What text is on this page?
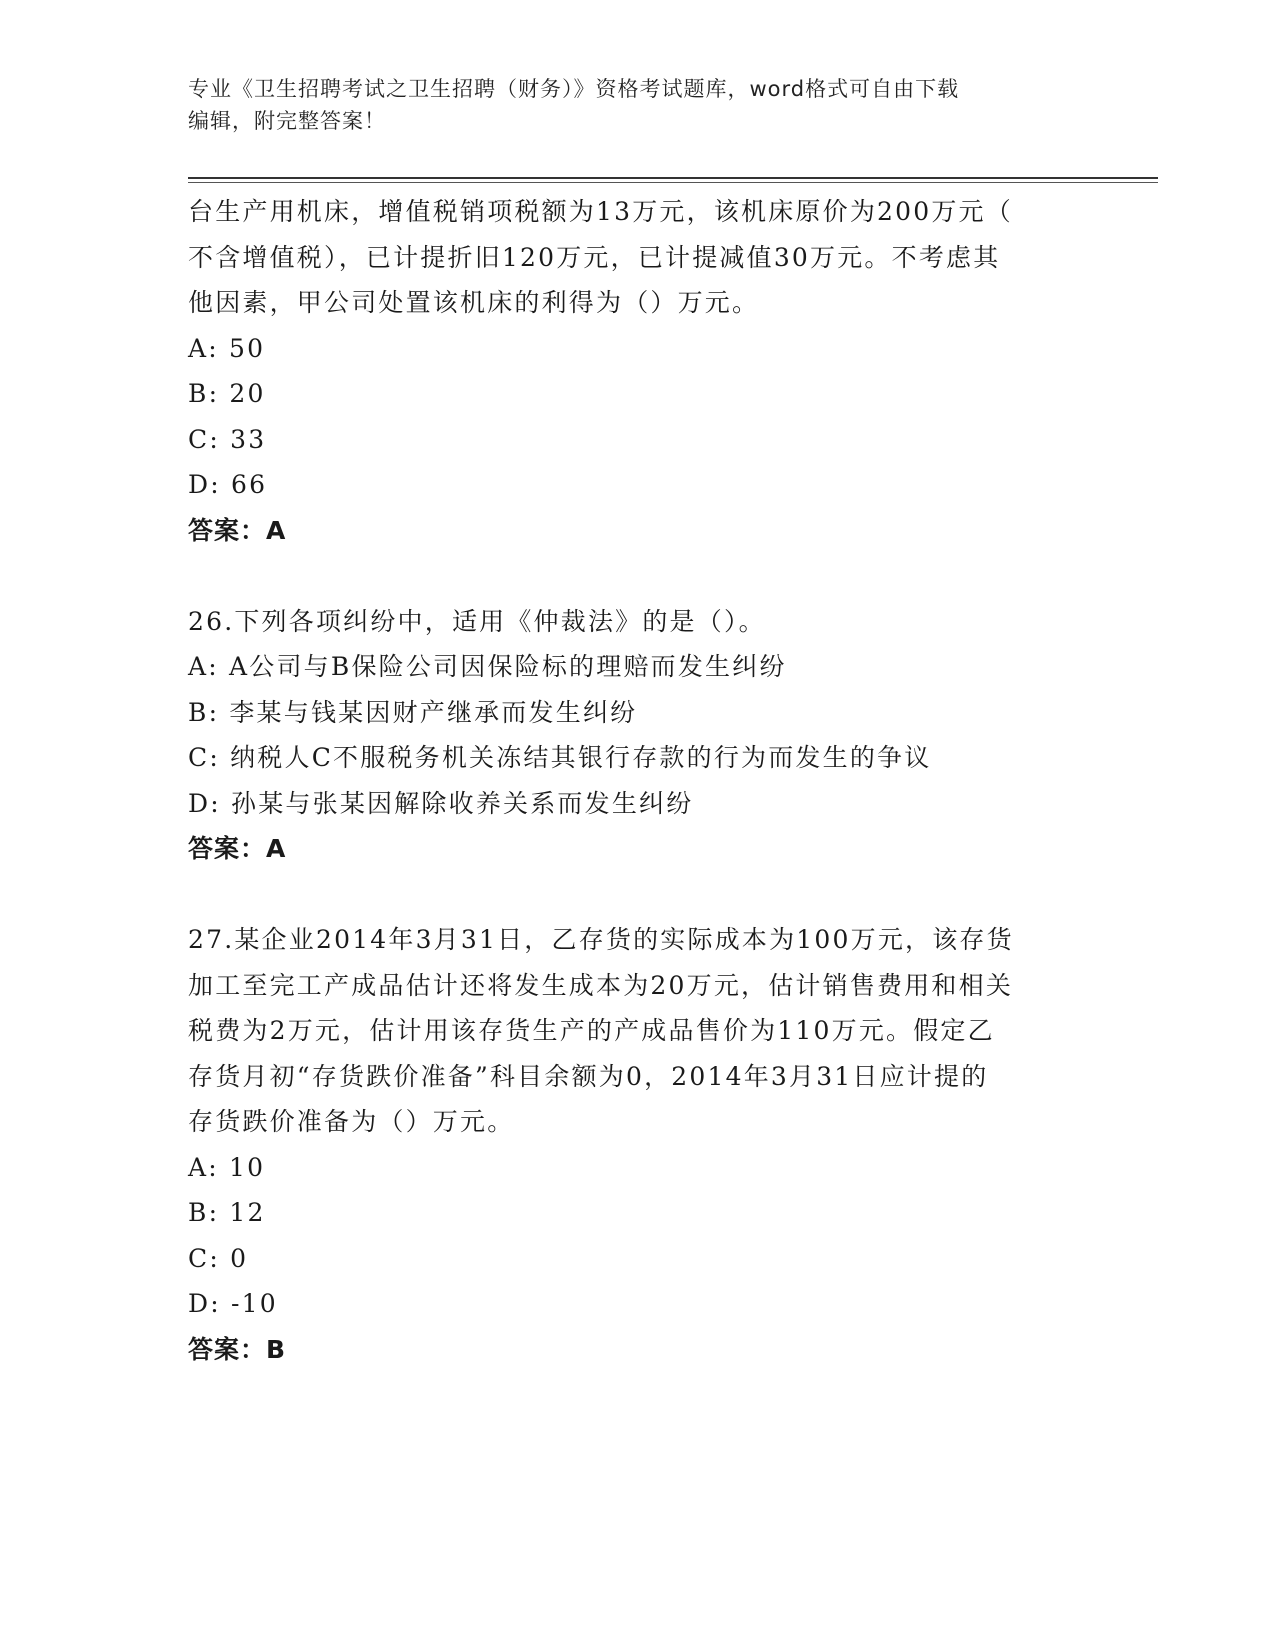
专业《卫生招聘考试之卫生招聘（财务）》资格考试题库，word格式可自由下载
编辑，附完整答案！

台生产用机床，增值税销项税额为13万元，该机床原价为200万元（

不含增值税），已计提折旧120万元，已计提减值30万元。不考虑其

他因素，甲公司处置该机床的利得为（）万元。

A: 50

B: 20

C: 33

D: 66

答案：A

26.下列各项纠纷中，适用《仲裁法》的是（）。

A: A公司与B保险公司因保险标的理赔而发生纠纷

B: 李某与钱某因财产继承而发生纠纷

C: 纳税人C不服税务机关冻结其银行存款的行为而发生的争议

D: 孙某与张某因解除收养关系而发生纠纷

答案：A

27.某企业2014年3月31日，乙存货的实际成本为100万元，该存货

加工至完工产成品估计还将发生成本为20万元，估计销售费用和相关

税费为2万元，估计用该存货生产的产成品售价为110万元。假定乙

存货月初“存货跌价准备”科目余额为0，2014年3月31日应计提的

存货跌价准备为（）万元。

A: 10

B: 12

C: 0

D: -10

答案：B
